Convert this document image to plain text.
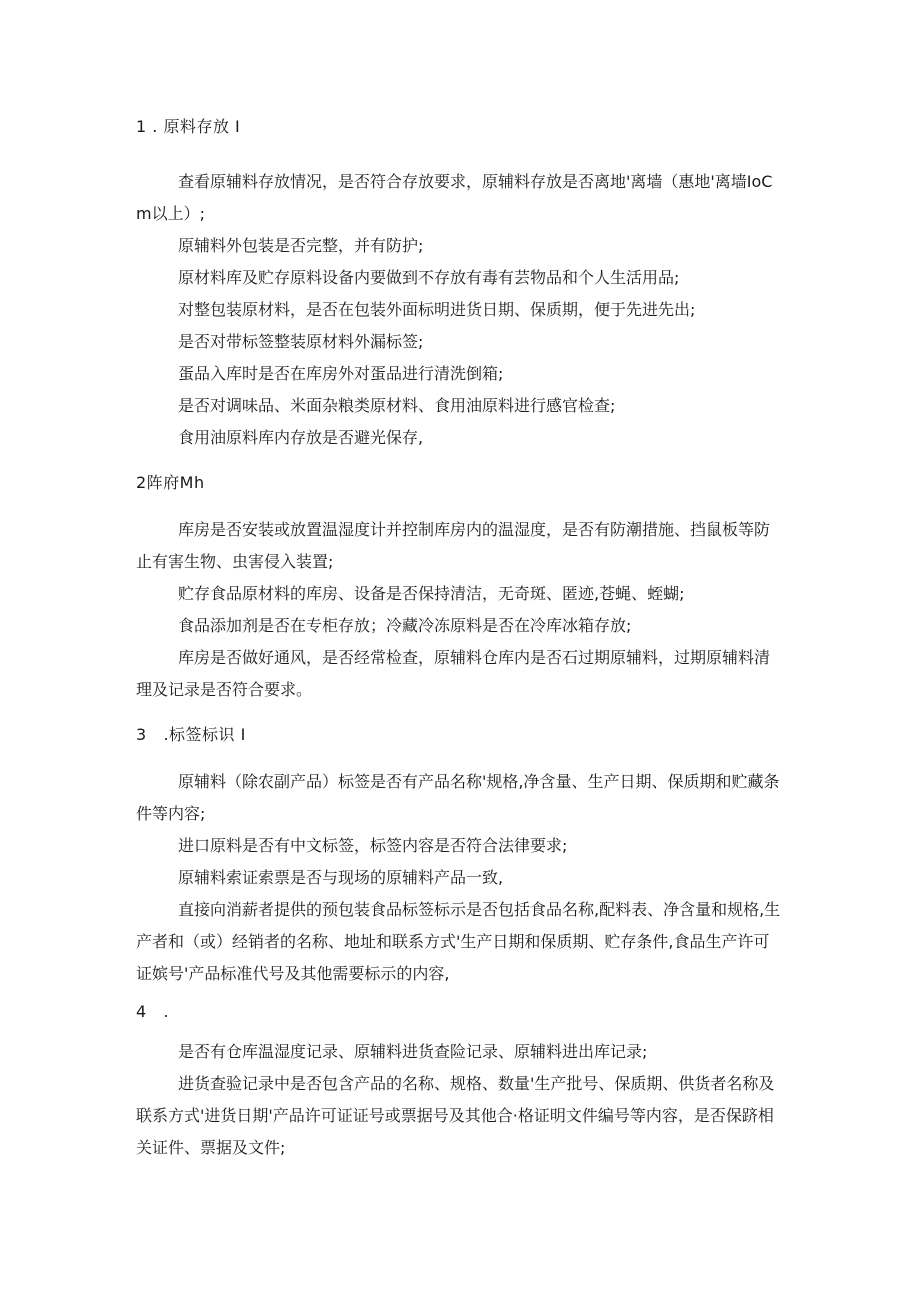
1 . 原料存放 I
查看原辅料存放情况，是否符合存放要求，原辅料存放是否离地'离墙（惠地'离墙IoCm以上）;
原辅料外包装是否完整，并有防护;
原材料库及贮存原料设备内要做到不存放有毒有芸物品和个人生活用品;
对整包装原材料，是否在包装外面标明进货日期、保质期，便于先进先出;
是否对带标签整装原材料外漏标签;
蛋品入库时是否在库房外对蛋品进行清洗倒箱;
是否对调味品、米面杂粮类原材料、食用油原料进行感官检查;
食用油原料库内存放是否避光保存,
2阵府Mh
库房是否安装或放置温湿度计并控制库房内的温湿度，是否有防潮措施、挡鼠板等防止有害生物、虫害侵入装置;
贮存食品原材料的库房、设备是否保持清洁，无奇斑、匿迹,苍蝇、蛭蝴;
食品添加剂是否在专柜存放；冷藏冷冻原料是否在冷库冰箱存放;
库房是否做好通风，是否经常检查，原辅料仓库内是否石过期原辅料，过期原辅料清理及记录是否符合要求。
3   .标签标识 I
原辅料（除农副产品）标签是否有产品名称'规格,净含量、生产日期、保质期和贮藏条件等内容;
进口原料是否有中文标签，标签内容是否符合法律要求;
原辅料索证索票是否与现场的原辅料产品一致,
直接向消薪者提供的预包装食品标签标示是否包括食品名称,配料表、净含量和规格,生产者和（或）经销者的名称、地址和联系方式'生产日期和保质期、贮存条件,食品生产许可证嫔号'产品标准代号及其他需要标示的内容,
4   .
是否有仓库温湿度记录、原辅料进货查险记录、原辅料进出库记录;
进货查验记录中是否包含产品的名称、规格、数量'生产批号、保质期、供货者名称及联系方式'进货日期'产品许可证证号或票据号及其他合·格证明文件编号等内容，是否保跻相关证件、票据及文件;
